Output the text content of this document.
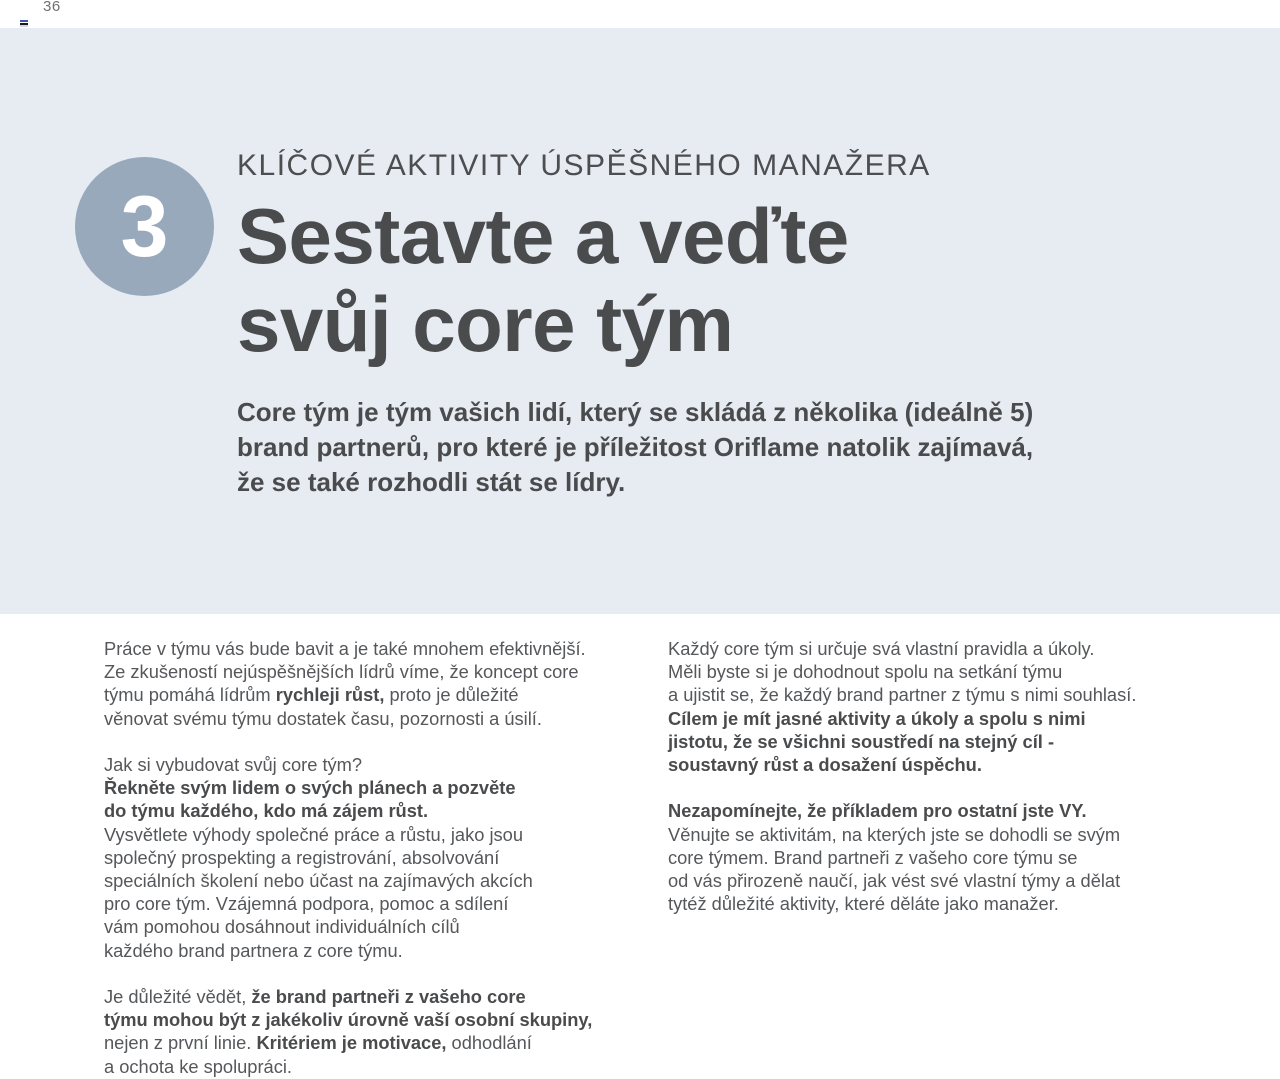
36
3
KLÍČOVÉ AKTIVITY ÚSPĚŠNÉHO MANAŽERA
Sestavte a veďte
svůj core tým

Core tým je tým vašich lidí, který se skládá z několika (ideálně 5)
brand partnerů, pro které je příležitost Oriflame natolik zajímavá,
že se také rozhodli stát se lídry.

Práce v týmu vás bude bavit a je také mnohem efektivnější.
Ze zkušeností nejúspěšnějších lídrů víme, že koncept core
týmu pomáhá lídrům rychleji růst, proto je důležité
věnovat svému týmu dostatek času, pozornosti a úsilí.
Jak si vybudovat svůj core tým?
Řekněte svým lidem o svých plánech a pozvěte
do týmu každého, kdo má zájem růst.
Vysvětlete výhody společné práce a růstu, jako jsou
společný prospekting a registrování, absolvování
speciálních školení nebo účast na zajímavých akcích
pro core tým. Vzájemná podpora, pomoc a sdílení
vám pomohou dosáhnout individuálních cílů
každého brand partnera z core týmu.
Je důležité vědět, že brand partneři z vašeho core
týmu mohou být z jakékoliv úrovně vaší osobní skupiny,
nejen z první linie. Kritériem je motivace, odhodlání
a ochota ke spolupráci.
Každý core tým si určuje svá vlastní pravidla a úkoly.
Měli byste si je dohodnout spolu na setkání týmu
a ujistit se, že každý brand partner z týmu s nimi souhlasí.
Cílem je mít jasné aktivity a úkoly a spolu s nimi
jistotu, že se všichni soustředí na stejný cíl -
soustavný růst a dosažení úspěchu.
Nezapomínejte, že příkladem pro ostatní jste VY.
Věnujte se aktivitám, na kterých jste se dohodli se svým
core týmem. Brand partneři z vašeho core týmu se
od vás přirozeně naučí, jak vést své vlastní týmy a dělat
tytéž důležité aktivity, které děláte jako manažer.
